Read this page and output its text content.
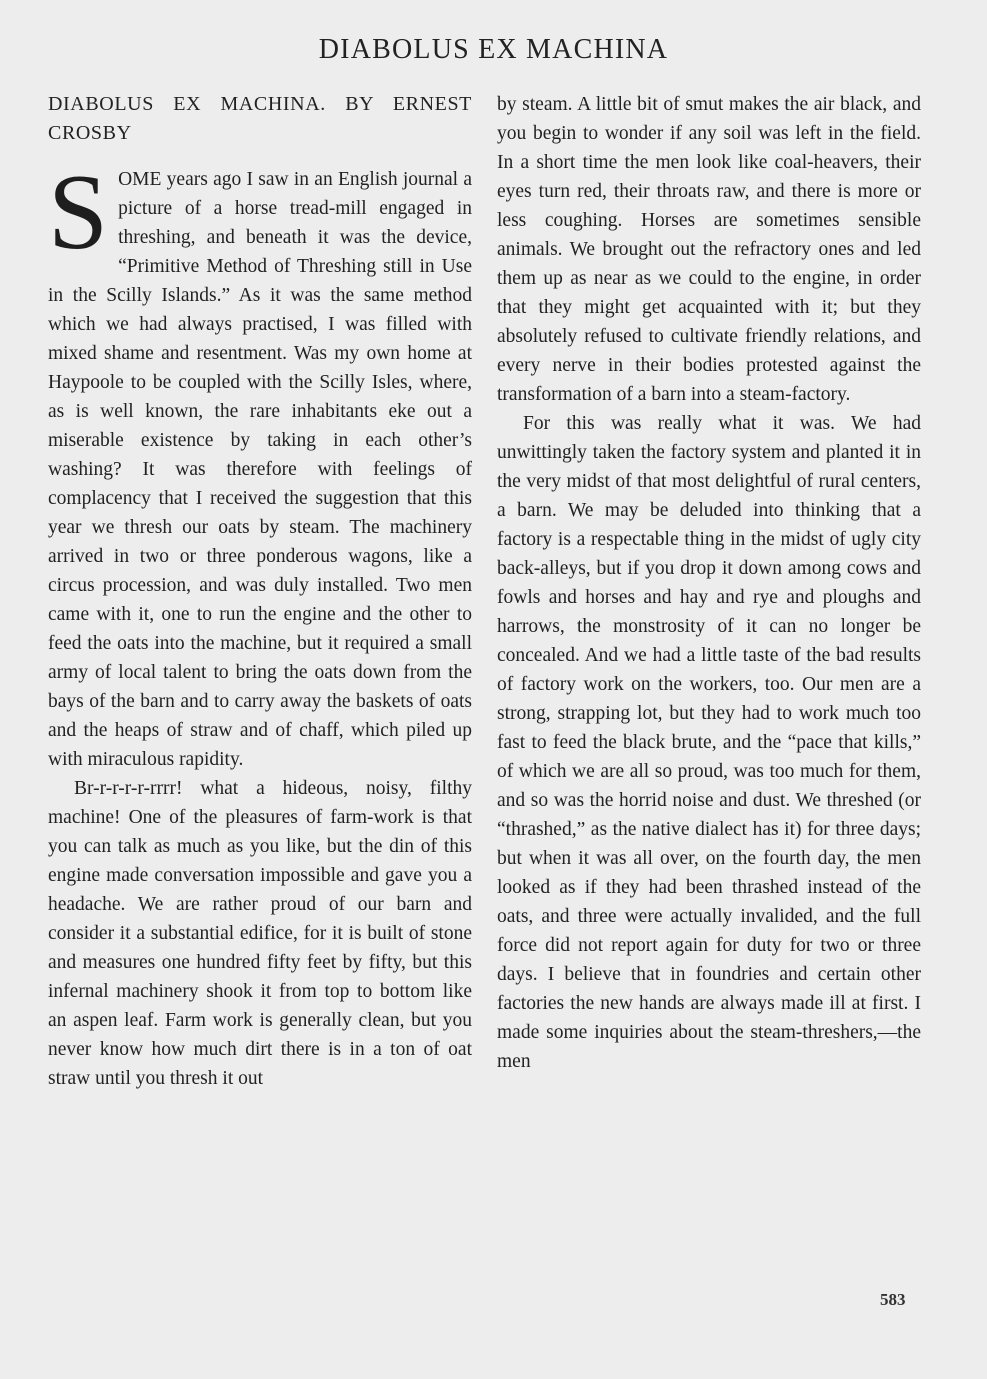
DIABOLUS EX MACHINA

DIABOLUS EX MACHINA. BY ERNEST CROSBY

SOME years ago I saw in an English journal a picture of a horse tread-mill engaged in threshing, and beneath it was the device, “Primitive Method of Threshing still in Use in the Scilly Islands.” As it was the same method which we had always practised, I was filled with mixed shame and resentment. Was my own home at Haypoole to be coupled with the Scilly Isles, where, as is well known, the rare inhabitants eke out a miserable existence by taking in each other’s washing? It was therefore with feelings of complacency that I received the suggestion that this year we thresh our oats by steam. The machinery arrived in two or three ponderous wagons, like a circus procession, and was duly installed. Two men came with it, one to run the engine and the other to feed the oats into the machine, but it required a small army of local talent to bring the oats down from the bays of the barn and to carry away the baskets of oats and the heaps of straw and of chaff, which piled up with miraculous rapidity.

Br-r-r-r-r-rrrr! what a hideous, noisy, filthy machine! One of the pleasures of farm-work is that you can talk as much as you like, but the din of this engine made conversation impossible and gave you a headache. We are rather proud of our barn and consider it a substantial edifice, for it is built of stone and measures one hundred fifty feet by fifty, but this infernal machinery shook it from top to bottom like an aspen leaf. Farm work is generally clean, but you never know how much dirt there is in a ton of oat straw until you thresh it out

by steam. A little bit of smut makes the air black, and you begin to wonder if any soil was left in the field. In a short time the men look like coal-heavers, their eyes turn red, their throats raw, and there is more or less coughing. Horses are sometimes sensible animals. We brought out the refractory ones and led them up as near as we could to the engine, in order that they might get acquainted with it; but they absolutely refused to cultivate friendly relations, and every nerve in their bodies protested against the transformation of a barn into a steam-factory.

For this was really what it was. We had unwittingly taken the factory system and planted it in the very midst of that most delightful of rural centers, a barn. We may be deluded into thinking that a factory is a respectable thing in the midst of ugly city back-alleys, but if you drop it down among cows and fowls and horses and hay and rye and ploughs and harrows, the monstrosity of it can no longer be concealed. And we had a little taste of the bad results of factory work on the workers, too. Our men are a strong, strapping lot, but they had to work much too fast to feed the black brute, and the “pace that kills,” of which we are all so proud, was too much for them, and so was the horrid noise and dust. We threshed (or “thrashed,” as the native dialect has it) for three days; but when it was all over, on the fourth day, the men looked as if they had been thrashed instead of the oats, and three were actually invalided, and the full force did not report again for duty for two or three days. I believe that in foundries and certain other factories the new hands are always made ill at first. I made some inquiries about the steam-threshers,—the men

583
